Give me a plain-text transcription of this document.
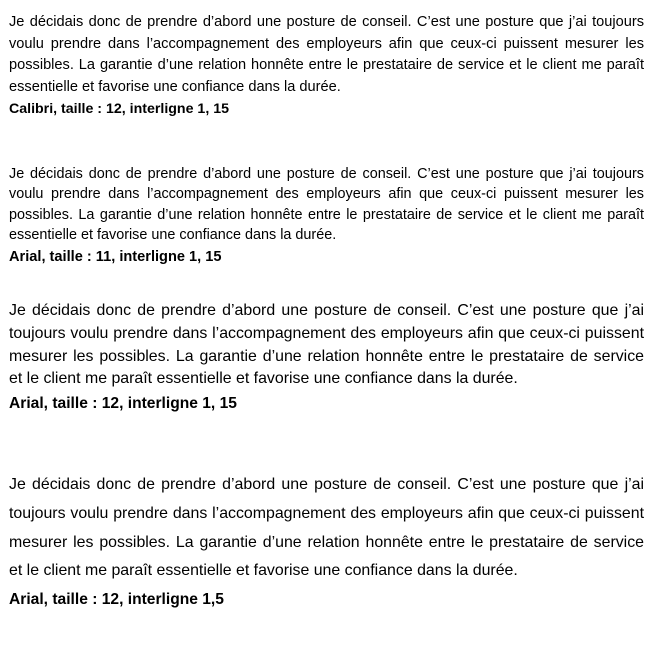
Je décidais donc de prendre d’abord une posture de conseil. C’est une posture que j’ai toujours voulu prendre dans l’accompagnement des employeurs afin que ceux-ci puissent mesurer les possibles. La garantie d’une relation honnête entre le prestataire de service et le client me paraît essentielle et favorise une confiance dans la durée.

Calibri, taille : 12, interligne 1, 15

Je décidais donc de prendre d’abord une posture de conseil. C’est une posture que j’ai toujours voulu prendre dans l’accompagnement des employeurs afin que ceux-ci puissent mesurer les possibles. La garantie d’une relation honnête entre le prestataire de service et le client me paraît essentielle et favorise une confiance dans la durée.

Arial, taille : 11, interligne 1, 15

Je décidais donc de prendre d’abord une posture de conseil. C’est une posture que j’ai toujours voulu prendre dans l’accompagnement des employeurs afin que ceux-ci puissent mesurer les possibles. La garantie d’une relation honnête entre le prestataire de service et le client me paraît essentielle et favorise une confiance dans la durée.

Arial, taille : 12, interligne 1, 15

Je décidais donc de prendre d’abord une posture de conseil. C’est une posture que j’ai toujours voulu prendre dans l’accompagnement des employeurs afin que ceux-ci puissent mesurer les possibles. La garantie d’une relation honnête entre le prestataire de service et le client me paraît essentielle et favorise une confiance dans la durée.

Arial, taille : 12, interligne 1,5
